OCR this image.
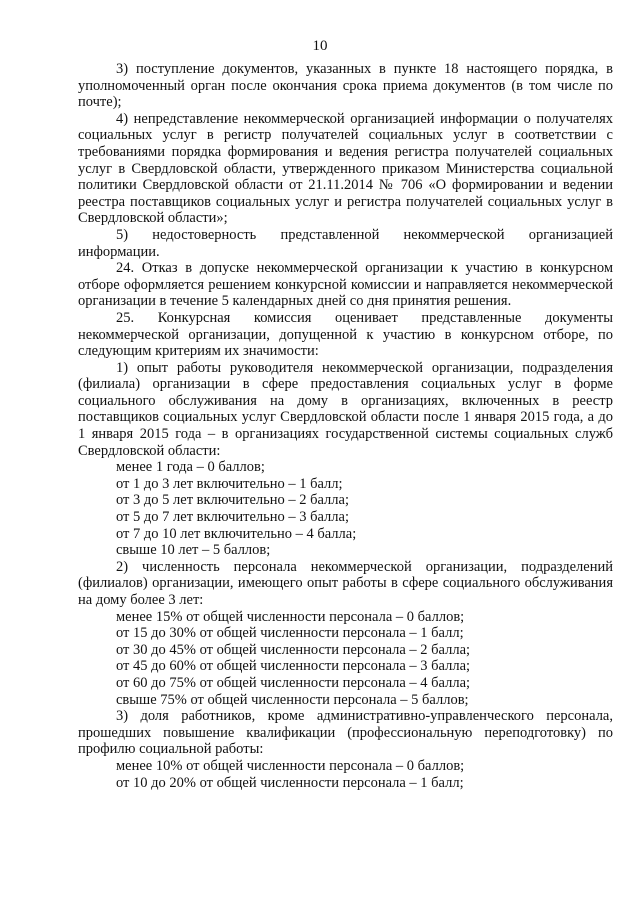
10

3) поступление документов, указанных в пункте 18 настоящего порядка, в уполномоченный орган после окончания срока приема документов (в том числе по почте);

4) непредставление некоммерческой организацией информации о получателях социальных услуг в регистр получателей социальных услуг в соответствии с требованиями порядка формирования и ведения регистра получателей социальных услуг в Свердловской области, утвержденного приказом Министерства социальной политики Свердловской области от 21.11.2014 № 706 «О формировании и ведении реестра поставщиков социальных услуг и регистра получателей социальных услуг в Свердловской области»;

5) недостоверность представленной некоммерческой организацией информации.

24. Отказ в допуске некоммерческой организации к участию в конкурсном отборе оформляется решением конкурсной комиссии и направляется некоммерческой организации в течение 5 календарных дней со дня принятия решения.

25. Конкурсная комиссия оценивает представленные документы некоммерческой организации, допущенной к участию в конкурсном отборе, по следующим критериям их значимости:

1) опыт работы руководителя некоммерческой организации, подразделения (филиала) организации в сфере предоставления социальных услуг в форме социального обслуживания на дому в организациях, включенных в реестр поставщиков социальных услуг Свердловской области после 1 января 2015 года, а до 1 января 2015 года – в организациях государственной системы социальных служб Свердловской области:

менее 1 года – 0 баллов;

от 1 до 3 лет включительно – 1 балл;

от 3 до 5 лет включительно – 2 балла;

от 5 до 7 лет включительно – 3 балла;

от 7 до 10 лет включительно – 4 балла;

свыше 10 лет – 5 баллов;

2) численность персонала некоммерческой организации, подразделений (филиалов) организации, имеющего опыт работы в сфере социального обслуживания на дому более 3 лет:

менее 15% от общей численности персонала – 0 баллов;

от 15 до 30% от общей численности персонала – 1 балл;

от 30 до 45% от общей численности персонала – 2 балла;

от 45 до 60% от общей численности персонала – 3 балла;

от 60 до 75% от общей численности персонала – 4 балла;

свыше 75% от общей численности персонала – 5 баллов;

3) доля работников, кроме административно-управленческого персонала, прошедших повышение квалификации (профессиональную переподготовку) по профилю социальной работы:

менее 10% от общей численности персонала – 0 баллов;

от 10 до 20% от общей численности персонала – 1 балл;
